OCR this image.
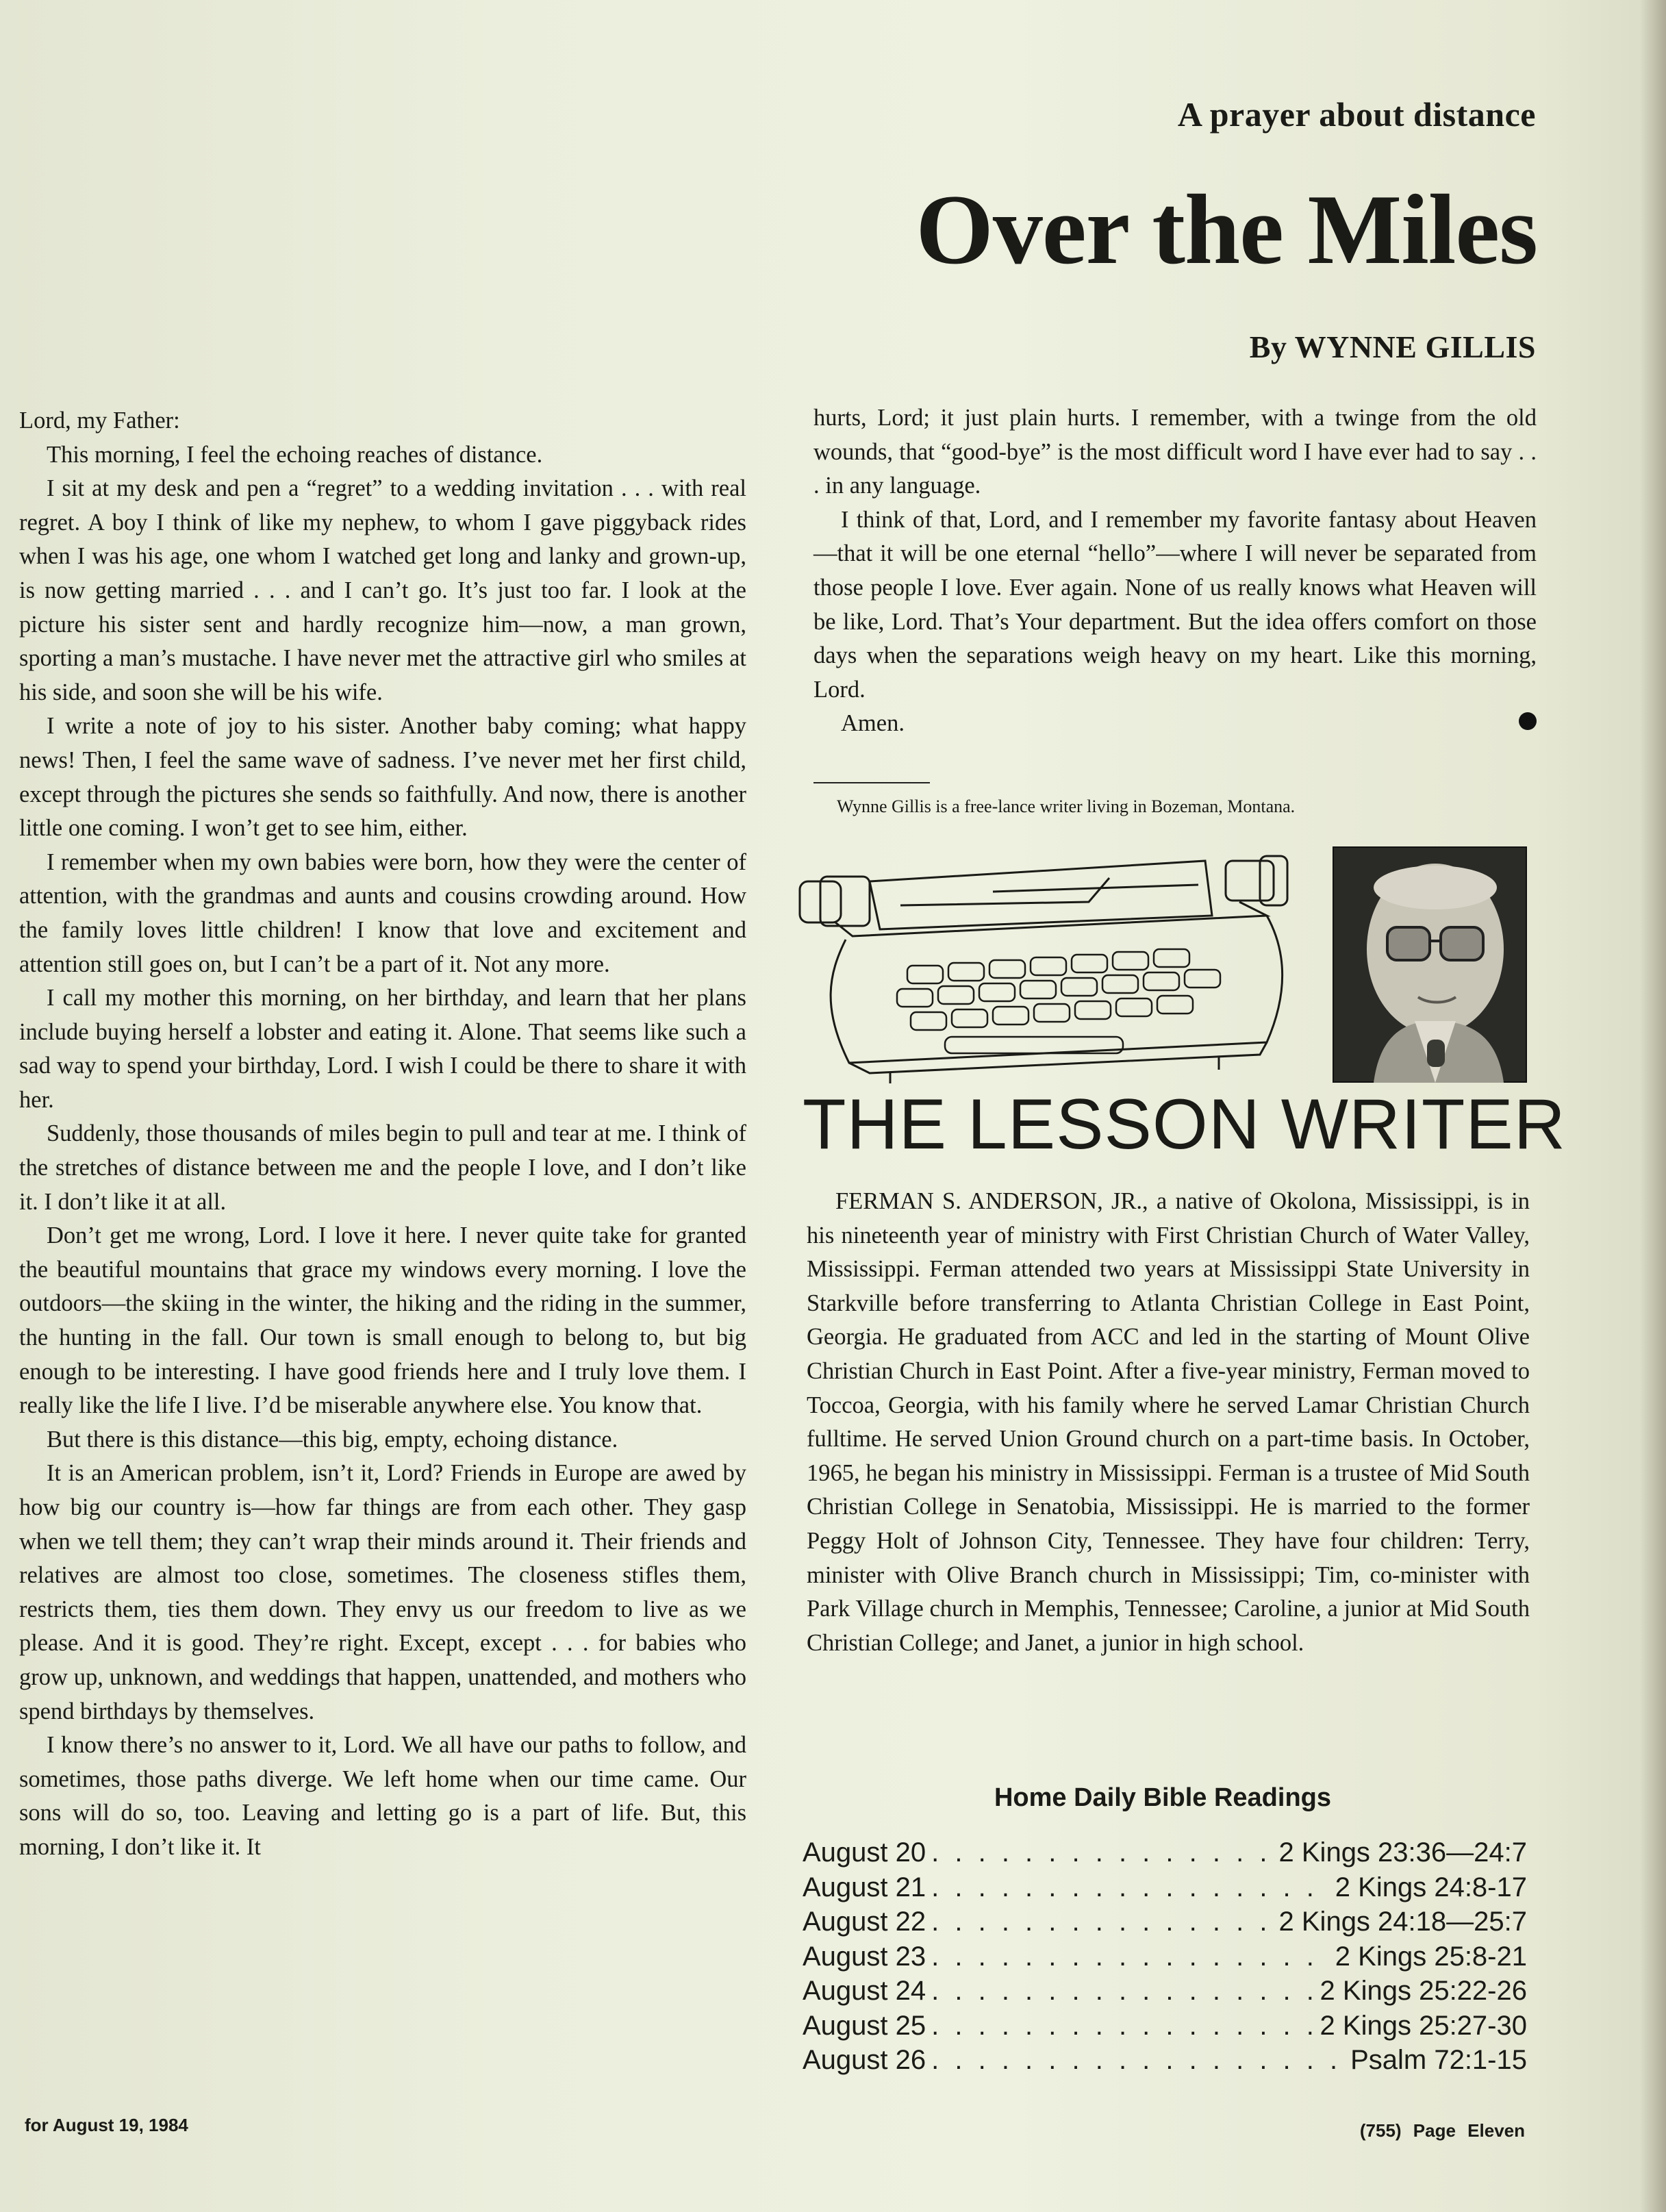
A prayer about distance
Over the Miles
By WYNNE GILLIS

Lord, my Father:

This morning, I feel the echoing reaches of distance.

I sit at my desk and pen a “regret” to a wedding invitation . . . with real regret. A boy I think of like my nephew, to whom I gave piggyback rides when I was his age, one whom I watched get long and lanky and grown-up, is now getting married . . . and I can’t go. It’s just too far. I look at the picture his sister sent and hardly recognize him—now, a man grown, sporting a man’s mustache. I have never met the attractive girl who smiles at his side, and soon she will be his wife.

I write a note of joy to his sister. Another baby coming; what happy news! Then, I feel the same wave of sadness. I’ve never met her first child, except through the pictures she sends so faithfully. And now, there is another little one coming. I won’t get to see him, either.

I remember when my own babies were born, how they were the center of attention, with the grandmas and aunts and cousins crowding around. How the family loves little children! I know that love and excitement and attention still goes on, but I can’t be a part of it. Not any more.

I call my mother this morning, on her birthday, and learn that her plans include buying herself a lobster and eating it. Alone. That seems like such a sad way to spend your birthday, Lord. I wish I could be there to share it with her.

Suddenly, those thousands of miles begin to pull and tear at me. I think of the stretches of distance between me and the people I love, and I don’t like it. I don’t like it at all.

Don’t get me wrong, Lord. I love it here. I never quite take for granted the beautiful mountains that grace my windows every morning. I love the outdoors—the skiing in the winter, the hiking and the riding in the summer, the hunting in the fall. Our town is small enough to belong to, but big enough to be interesting. I have good friends here and I truly love them. I really like the life I live. I’d be miserable anywhere else. You know that.

But there is this distance—this big, empty, echoing distance.

It is an American problem, isn’t it, Lord? Friends in Europe are awed by how big our country is—how far things are from each other. They gasp when we tell them; they can’t wrap their minds around it. Their friends and relatives are almost too close, sometimes. The closeness stifles them, restricts them, ties them down. They envy us our freedom to live as we please. And it is good. They’re right. Except, except . . . for babies who grow up, unknown, and weddings that happen, unattended, and mothers who spend birthdays by themselves.

I know there’s no answer to it, Lord. We all have our paths to follow, and sometimes, those paths diverge. We left home when our time came. Our sons will do so, too. Leaving and letting go is a part of life. But, this morning, I don’t like it. It

hurts, Lord; it just plain hurts. I remember, with a twinge from the old wounds, that “good-bye” is the most difficult word I have ever had to say . . . in any language.

I think of that, Lord, and I remember my favorite fantasy about Heaven—that it will be one eternal “hello”—where I will never be separated from those people I love. Ever again. None of us really knows what Heaven will be like, Lord. That’s Your department. But the idea offers comfort on those days when the separations weigh heavy on my heart. Like this morning, Lord.

Amen.

Wynne Gillis is a free-lance writer living in Bozeman, Montana.
THE LESSON WRITER
FERMAN S. ANDERSON, JR., a native of Okolona, Mississippi, is in his nineteenth year of ministry with First Christian Church of Water Valley, Mississippi. Ferman attended two years at Mississippi State University in Starkville before transferring to Atlanta Christian College in East Point, Georgia. He graduated from ACC and led in the starting of Mount Olive Christian Church in East Point. After a five-year ministry, Ferman moved to Toccoa, Georgia, with his family where he served Lamar Christian Church fulltime. He served Union Ground church on a part-time basis. In October, 1965, he began his ministry in Mississippi. Ferman is a trustee of Mid South Christian College in Senatobia, Mississippi. He is married to the former Peggy Holt of Johnson City, Tennessee. They have four children: Terry, minister with Olive Branch church in Mississippi; Tim, co-minister with Park Village church in Memphis, Tennessee; Caroline, a junior at Mid South Christian College; and Janet, a junior in high school.
Home Daily Bible Readings
August 20 . . .	2 Kings 23:36—24:7
August 21 . . .	2 Kings 24:8-17
August 22 . . .	2 Kings 24:18—25:7
August 23 . . .	2 Kings 25:8-21
August 24 . . .	2 Kings 25:22-26
August 25 . . .	2 Kings 25:27-30
August 26 . . .	Psalm 72:1-15
for August 19, 1984	(755) Page Eleven
